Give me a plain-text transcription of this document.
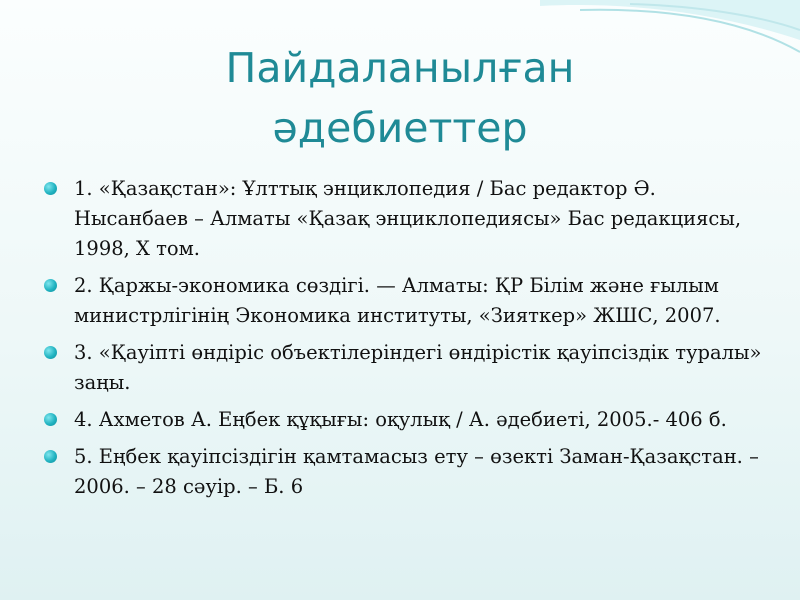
Пайдаланылған
әдебиеттер
1. «Қазақстан»: Ұлттық энциклопедия / Бас редактор Ә. Нысанбаев – Алматы «Қазақ энциклопедиясы» Бас редакциясы, 1998, Х том.
2. Қаржы-экономика сөздігі. — Алматы: ҚР Білім және ғылым министрлігінің Экономика институты, «Зияткер» ЖШС, 2007.
3. «Қауіпті өндіріс объектілеріндегі өндірістік қауіпсіздік туралы» заңы.
4. Ахметов А. Еңбек құқығы: оқулық / А. әдебиеті, 2005.- 406 б.
5. Еңбек қауіпсіздігін қамтамасыз ету – өзекті Заман-Қазақстан. – 2006. – 28 сәуір. – Б. 6
